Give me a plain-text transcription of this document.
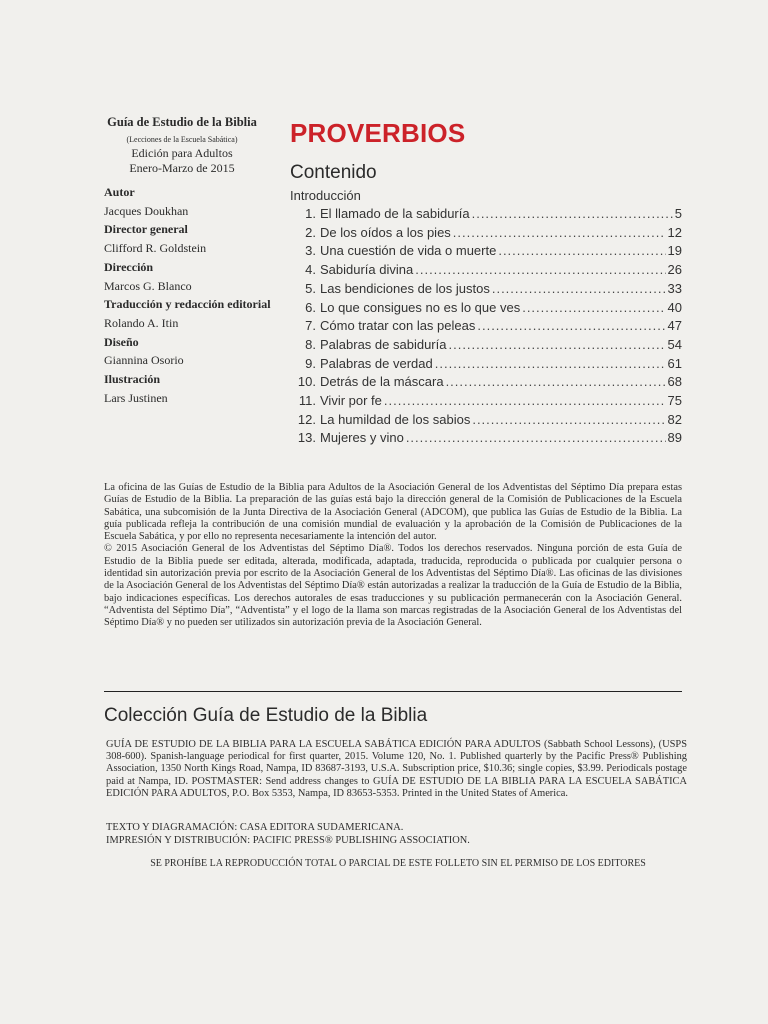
Guía de Estudio de la Biblia
(Lecciones de la Escuela Sabática)
Edición para Adultos
Enero-Marzo de 2015
Autor
Jacques Doukhan
Director general
Clifford R. Goldstein
Dirección
Marcos G. Blanco
Traducción y redacción editorial
Rolando A. Itin
Diseño
Giannina Osorio
Ilustración
Lars Justinen
PROVERBIOS
Contenido
Introducción
1. El llamado de la sabiduría .....	5
2. De los oídos a los pies .....	12
3. Una cuestión de vida o muerte .....	19
4. Sabiduría divina .....	26
5. Las bendiciones de los justos .....	33
6. Lo que consigues no es lo que ves .....	40
7. Cómo tratar con las peleas .....	47
8. Palabras de sabiduría .....	54
9. Palabras de verdad .....	61
10. Detrás de la máscara .....	68
11. Vivir por fe .....	75
12. La humildad de los sabios .....	82
13. Mujeres y vino .....	89

La oficina de las Guías de Estudio de la Biblia para Adultos de la Asociación General de los Adventistas del Séptimo Día prepara estas Guías de Estudio de la Biblia. La preparación de las guías está bajo la dirección general de la Comisión de Publicaciones de la Escuela Sabática, una subcomisión de la Junta Directiva de la Asociación General (ADCOM), que publica las Guías de Estudio de la Biblia. La guía publicada refleja la contribución de una comisión mundial de evaluación y la aprobación de la Comisión de Publicaciones de la Escuela Sabática, y por ello no representa necesariamente la intención del autor.

© 2015 Asociación General de los Adventistas del Séptimo Día®. Todos los derechos reservados. Ninguna porción de esta Guía de Estudio de la Biblia puede ser editada, alterada, modificada, adaptada, traducida, reproducida o publicada por cualquier persona o identidad sin autorización previa por escrito de la Asociación General de los Adventistas del Séptimo Día®. Las oficinas de las divisiones de la Asociación General de los Adventistas del Séptimo Día® están autorizadas a realizar la traducción de la Guía de Estudio de la Biblia, bajo indicaciones específicas. Los derechos autorales de esas traducciones y su publicación permanecerán con la Asociación General. “Adventista del Séptimo Día”, “Adventista” y el logo de la llama son marcas registradas de la Asociación General de los Adventistas del Séptimo Día® y no pueden ser utilizados sin autorización previa de la Asociación General.

Colección Guía de Estudio de la Biblia
GUÍA DE ESTUDIO DE LA BIBLIA PARA LA ESCUELA SABÁTICA EDICIÓN PARA ADULTOS (Sabbath School Lessons), (USPS 308-600). Spanish-language periodical for first quarter, 2015. Volume 120, No. 1. Published quarterly by the Pacific Press® Publishing Association, 1350 North Kings Road, Nampa, ID 83687-3193, U.S.A. Subscription price, $10.36; single copies, $3.99. Periodicals postage paid at Nampa, ID. POSTMASTER: Send address changes to GUÍA DE ESTUDIO DE LA BIBLIA PARA LA ESCUELA SABÁTICA EDICIÓN PARA ADULTOS, P.O. Box 5353, Nampa, ID 83653-5353. Printed in the United States of America.
TEXTO Y DIAGRAMACIÓN: CASA EDITORA SUDAMERICANA.
IMPRESIÓN Y DISTRIBUCIÓN: PACIFIC PRESS® PUBLISHING ASSOCIATION.
SE PROHÍBE LA REPRODUCCIÓN TOTAL O PARCIAL DE ESTE FOLLETO SIN EL PERMISO DE LOS EDITORES
